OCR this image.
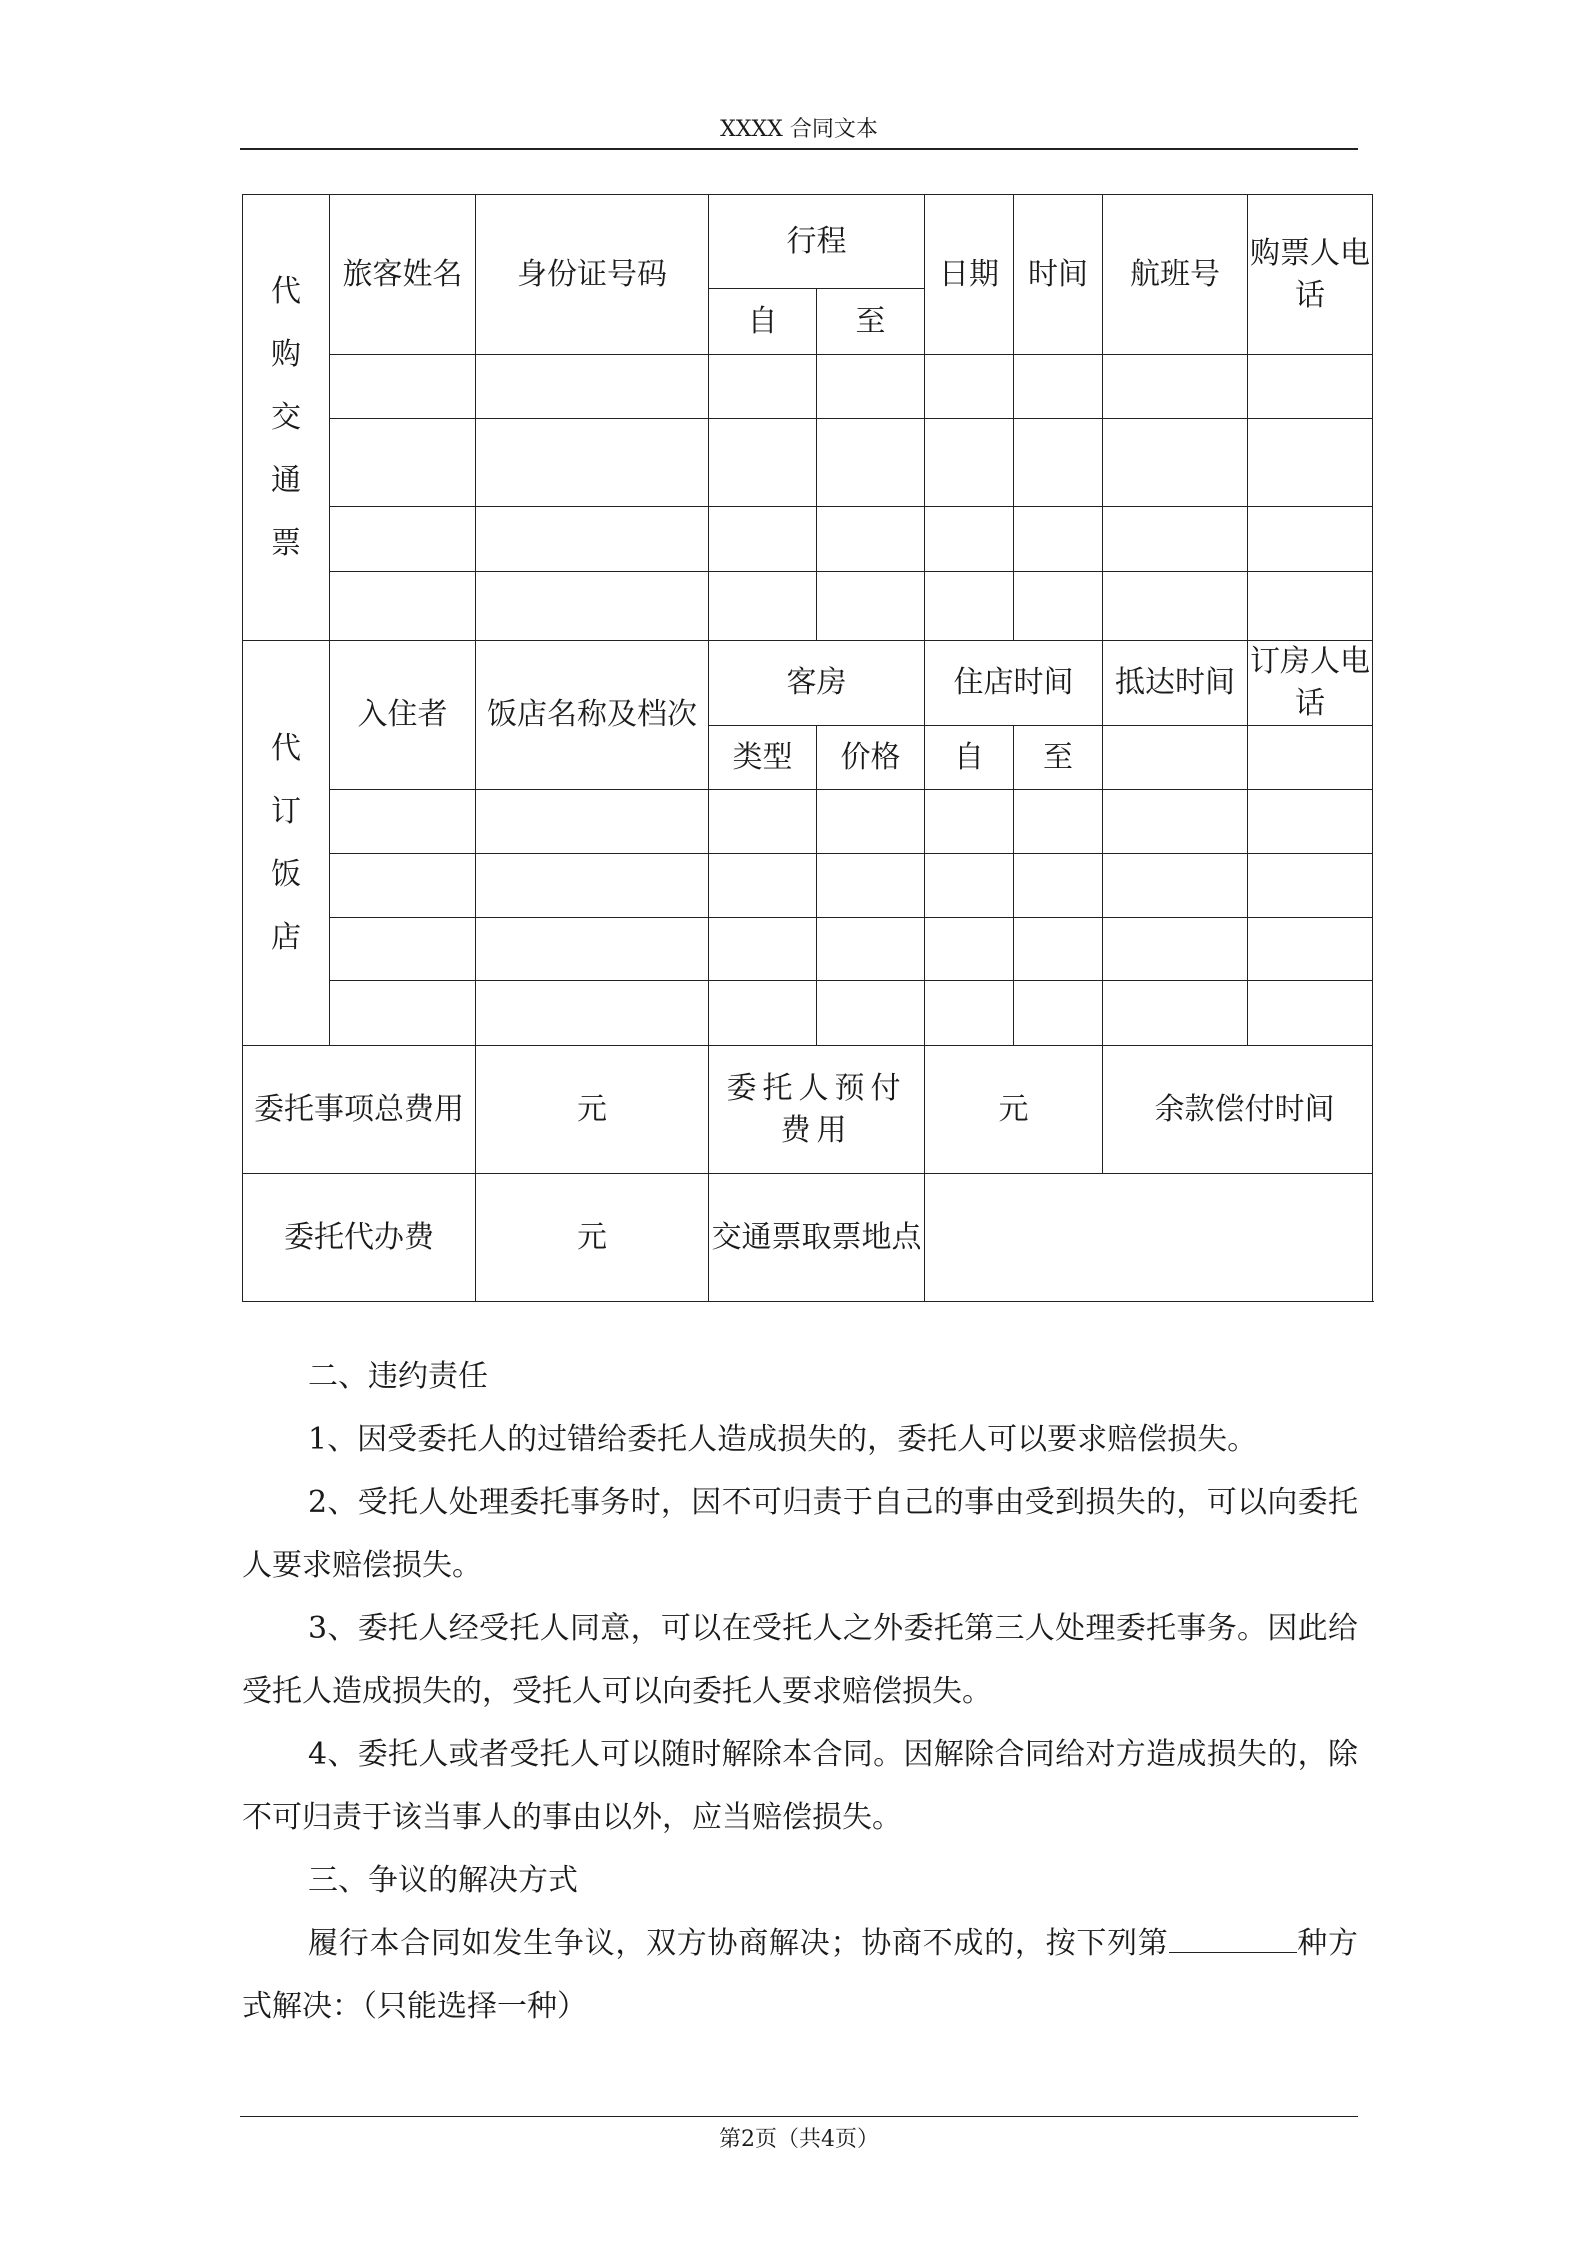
XXXX 合同文本
代购交通票	旅客姓名	身份证号码	行程		日期	时间	航班号	购票人电话	
			自	至					

代订饭店	入住者	饭店名称及档次	客房		住店时间		抵达时间	订房人电话	
			类型	价格	自	至			

委托事项总费用		元	委托人预付费用		元		余款偿付时间		
委托代办费		元	交通票取票地点						

二、违约责任

1、因受委托人的过错给委托人造成损失的，委托人可以要求赔偿损失。

2、受托人处理委托事务时，因不可归责于自己的事由受到损失的，可以向委托人要求赔偿损失。

3、委托人经受托人同意，可以在受托人之外委托第三人处理委托事务。因此给受托人造成损失的，受托人可以向委托人要求赔偿损失。

4、委托人或者受托人可以随时解除本合同。因解除合同给对方造成损失的，除不可归责于该当事人的事由以外，应当赔偿损失。

三、争议的解决方式

履行本合同如发生争议，双方协商解决；协商不成的，按下列第	种方式解决：（只能选择一种）

第2页（共4页）
